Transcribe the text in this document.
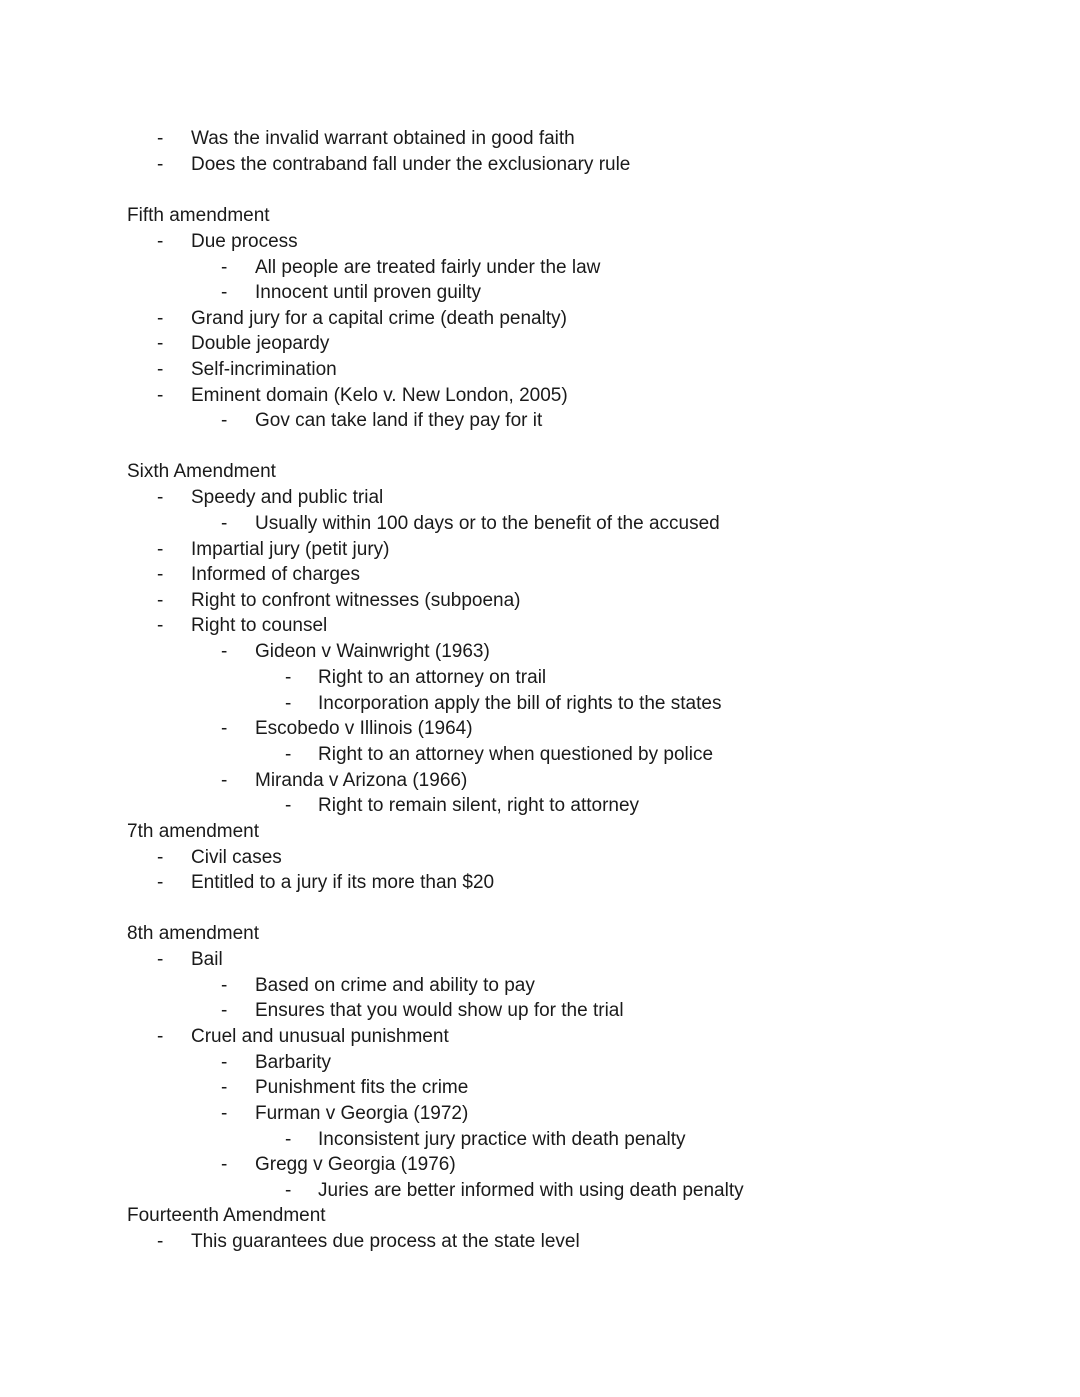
- Was the invalid warrant obtained in good faith
- Does the contraband fall under the exclusionary rule
Fifth amendment
- Due process
- All people are treated fairly under the law
- Innocent until proven guilty
- Grand jury for a capital crime (death penalty)
- Double jeopardy
- Self-incrimination
- Eminent domain (Kelo v. New London, 2005)
- Gov can take land if they pay for it
Sixth Amendment
- Speedy and public trial
- Usually within 100 days or to the benefit of the accused
- Impartial jury (petit jury)
- Informed of charges
- Right to confront witnesses (subpoena)
- Right to counsel
- Gideon v Wainwright (1963)
- Right to an attorney on trail
- Incorporation apply the bill of rights to the states
- Escobedo v Illinois (1964)
- Right to an attorney when questioned by police
- Miranda v Arizona (1966)
- Right to remain silent, right to attorney
7th amendment
- Civil cases
- Entitled to a jury if its more than $20
8th amendment
- Bail
- Based on crime and ability to pay
- Ensures that you would show up for the trial
- Cruel and unusual punishment
- Barbarity
- Punishment fits the crime
- Furman v Georgia (1972)
- Inconsistent jury practice with death penalty
- Gregg v Georgia (1976)
- Juries are better informed with using death penalty
Fourteenth Amendment
- This guarantees due process at the state level
